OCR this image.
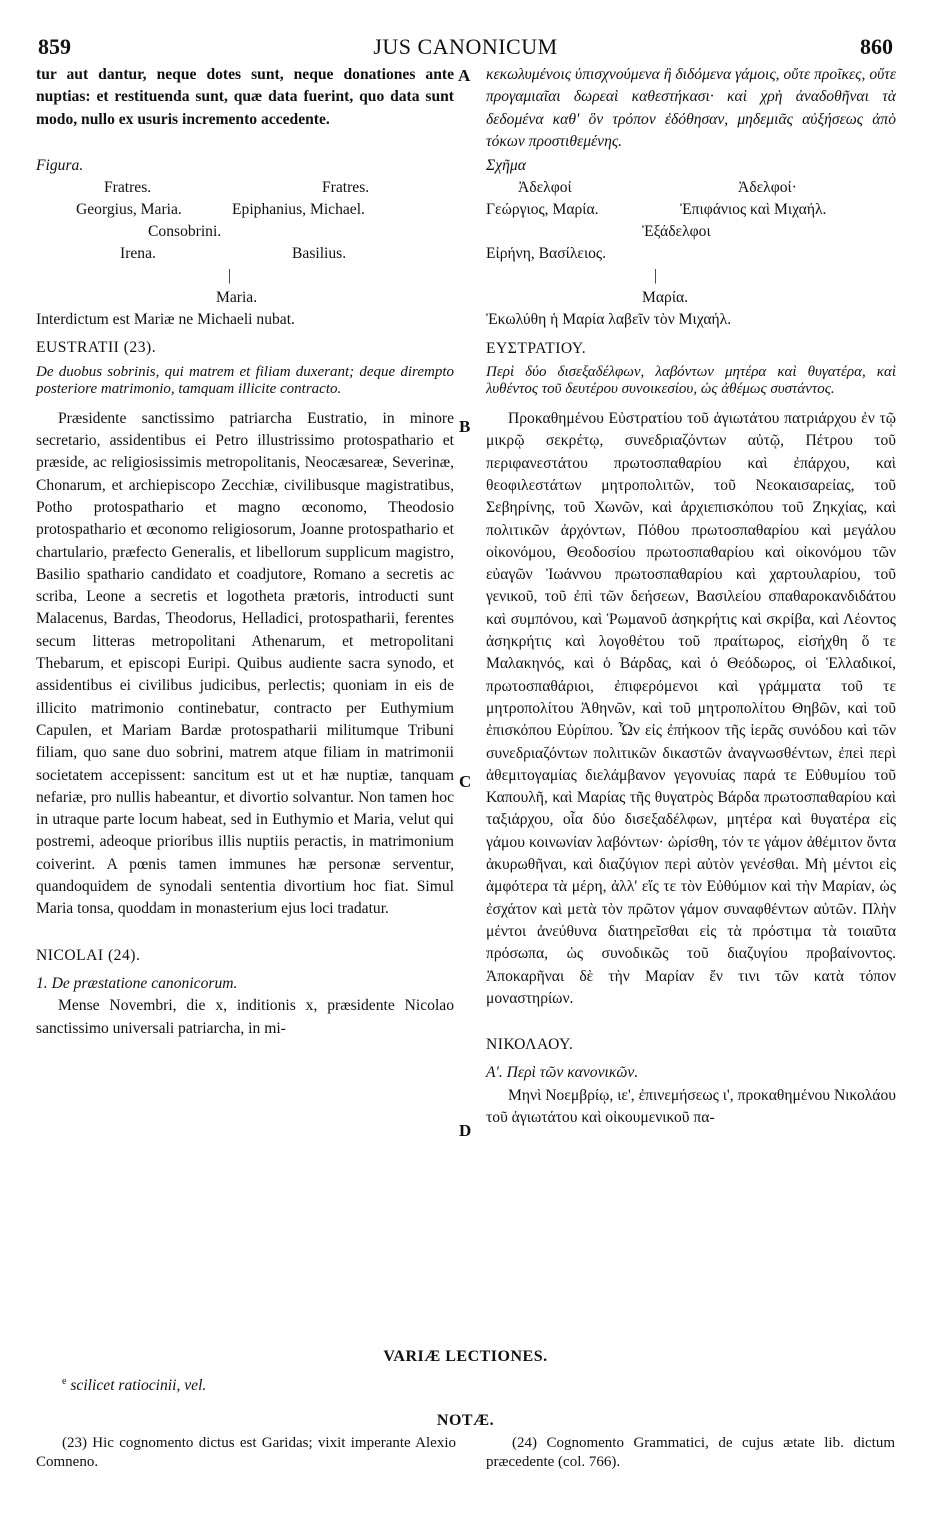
859	JUS CANONICUM	860
A
B
C
D

tur aut dantur, neque dotes sunt, neque donationes ante nuptias: et restituenda sunt, quæ data fuerint, quo data sunt modo, nullo ex usuris incremento accedente.

Figura.

Fratres.	Fratres.
Georgius, Maria.	Epiphanius, Michael.
Consobrini.
Irena.	Basilius.
|
Maria.

Interdictum est Mariæ ne Michaeli nubat.

EUSTRATII (23).

De duobus sobrinis, qui matrem et filiam duxerant; deque dirempto posteriore matrimonio, tamquam illicite contracto.

Præsidente sanctissimo patriarcha Eustratio, in minore secretario, assidentibus ei Petro illustrissimo protospathario et præside, ac religiosissimis metropolitanis, Neocæsareæ, Severinæ, Chonarum, et archiepiscopo Zecchiæ, civilibusque magistratibus, Potho protospathario et magno œconomo, Theodosio protospathario et œconomo religiosorum, Joanne protospathario et chartulario, præfecto Generalis, et libellorum supplicum magistro, Basilio spathario candidato et coadjutore, Romano a secretis ac scriba, Leone a secretis et logotheta prætoris, introducti sunt Malacenus, Bardas, Theodorus, Helladici, protospatharii, ferentes secum litteras metropolitani Athenarum, et metropolitani Thebarum, et episcopi Euripi. Quibus audiente sacra synodo, et assidentibus ei civilibus judicibus, perlectis; quoniam in eis de illicito matrimonio continebatur, contracto per Euthymium Capulen, et Mariam Bardæ protospatharii militumque Tribuni filiam, quo sane duo sobrini, matrem atque filiam in matrimonii societatem accepissent: sancitum est ut et hæ nuptiæ, tanquam nefariæ, pro nullis habeantur, et divortio solvantur. Non tamen hoc in utraque parte locum habeat, sed in Euthymio et Maria, velut qui postremi, adeoque prioribus illis nuptiis peractis, in matrimonium coiverint. A pœnis tamen immunes hæ personæ serventur, quandoquidem de synodali sententia divortium hoc fiat. Simul Maria tonsa, quoddam in monasterium ejus loci tradatur.

NICOLAI (24).

1. De præstatione canonicorum.

Mense Novembri, die x, inditionis x, præsidente Nicolao sanctissimo universali patriarcha, in mi-

κεκωλυμένοις ὑπισχνούμενα ἢ διδόμενα γάμοις, οὔτε προῖκες, οὔτε προγαμιαῖαι δωρεαὶ καθεστήκασι· καὶ χρὴ ἀναδοθῆναι τὰ δεδομένα καθ' ὃν τρόπον ἐδόθησαν, μηδεμιᾶς αὐξήσεως ἀπὸ τόκων προστιθεμένης.

Σχῆμα

Ἀδελφοί	Ἀδελφοί·
Γεώργιος, Μαρία.	Ἐπιφάνιος καὶ Μιχαήλ.
Ἐξάδελφοι
Εἰρήνη, Βασίλειος.
|
Μαρία.

Ἐκωλύθη ἡ Μαρία λαβεῖν τὸν Μιχαήλ.

ΕΥΣΤΡΑΤΙΟΥ.

Περὶ δύο δισεξαδέλφων, λαβόντων μητέρα καὶ θυγατέρα, καὶ λυθέντος τοῦ δευτέρου συνοικεσίου, ὡς ἀθέμως συστάντος.

Προκαθημένου Εὐστρατίου τοῦ ἁγιωτάτου πατριάρχου ἐν τῷ μικρῷ σεκρέτῳ, συνεδριαζόντων αὐτῷ, Πέτρου τοῦ περιφανεστάτου πρωτοσπαθαρίου καὶ ἐπάρχου, καὶ θεοφιλεστάτων μητροπολιτῶν, τοῦ Νεοκαισαρείας, τοῦ Σεβηρίνης, τοῦ Χωνῶν, καὶ ἀρχιεπισκόπου τοῦ Ζηκχίας, καὶ πολιτικῶν ἀρχόντων, Πόθου πρωτοσπαθαρίου καὶ μεγάλου οἰκονόμου, Θεοδοσίου πρωτοσπαθαρίου καὶ οἰκονόμου τῶν εὐαγῶν Ἰωάννου πρωτοσπαθαρίου καὶ χαρτουλαρίου, τοῦ γενικοῦ, τοῦ ἐπὶ τῶν δεήσεων, Βασιλείου σπαθαροκανδιδάτου καὶ συμπόνου, καὶ Ῥωμανοῦ ἀσηκρήτις καὶ σκρίβα, καὶ Λέοντος ἀσηκρήτις καὶ λογοθέτου τοῦ πραίτωρος, εἰσήχθη ὅ τε Μαλακηνός, καὶ ὁ Βάρδας, καὶ ὁ Θεόδωρος, οἱ Ἑλλαδικοί, πρωτοσπαθάριοι, ἐπιφερόμενοι καὶ γράμματα τοῦ τε μητροπολίτου Ἀθηνῶν, καὶ τοῦ μητροπολίτου Θηβῶν, καὶ τοῦ ἐπισκόπου Εὐρίπου. Ὧν εἰς ἐπήκοον τῆς ἱερᾶς συνόδου καὶ τῶν συνεδριαζόντων πολιτικῶν δικαστῶν ἀναγνωσθέντων, ἐπεὶ περὶ ἀθεμιτογαμίας διελάμβανον γεγονυίας παρά τε Εὐθυμίου τοῦ Καπουλῆ, καὶ Μαρίας τῆς θυγατρὸς Βάρδα πρωτοσπαθαρίου καὶ ταξιάρχου, οἷα δύο δισεξαδέλφων, μητέρα καὶ θυγατέρα εἰς γάμου κοινωνίαν λαβόντων· ὡρίσθη, τόν τε γάμον ἀθέμιτον ὄντα ἀκυρωθῆναι, καὶ διαζύγιον περὶ αὐτὸν γενέσθαι. Μὴ μέντοι εἰς ἀμφότερα τὰ μέρη, ἀλλ' εἴς τε τὸν Εὐθύμιον καὶ τὴν Μαρίαν, ὡς ἐσχάτον καὶ μετὰ τὸν πρῶτον γάμον συναφθέντων αὐτῶν. Πλὴν μέντοι ἀνεύθυνα διατηρεῖσθαι εἰς τὰ πρόστιμα τὰ τοιαῦτα πρόσωπα, ὡς συνοδικῶς τοῦ διαζυγίου προβαίνοντος. Ἀποκαρῆναι δὲ τὴν Μαρίαν ἔν τινι τῶν κατὰ τόπον μοναστηρίων.

ΝΙΚΟΛΑΟΥ.

Α'. Περὶ τῶν κανονικῶν.

Μηνὶ Νοεμβρίῳ, ιε', ἐπινεμήσεως ι', προκαθημένου Νικολάου τοῦ ἁγιωτάτου καὶ οἰκουμενικοῦ πα-

VARIÆ LECTIONES.
$^e$ scilicet ratiocinii, vel.
NOTÆ.
(23) Hic cognomento dictus est Garidas; vixit imperante Alexio Comneno.
(24) Cognomento Grammatici, de cujus ætate lib. dictum præcedente (col. 766).
